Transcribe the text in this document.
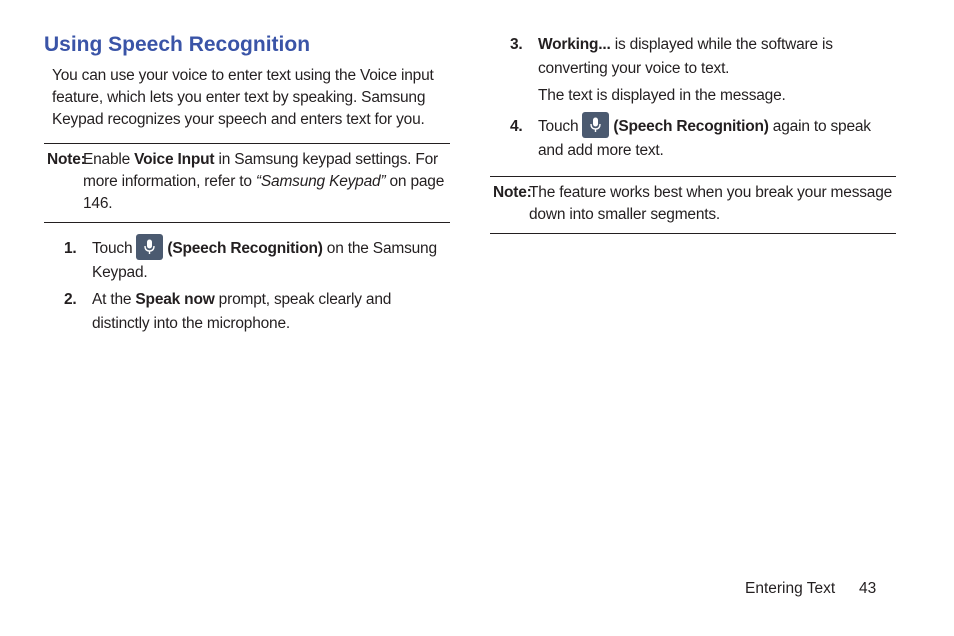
Using Speech Recognition
You can use your voice to enter text using the Voice input feature, which lets you enter text by speaking. Samsung Keypad recognizes your speech and enters text for you.
Note:
Enable Voice Input in Samsung keypad settings. For more information, refer to “Samsung Keypad” on page 146.
1. Touch (Speech Recognition) on the Samsung Keypad.
2. At the Speak now prompt, speak clearly and distinctly into the microphone.
3. Working... is displayed while the software is converting your voice to text.
The text is displayed in the message.
4. Touch (Speech Recognition) again to speak and add more text.
Note:
The feature works best when you break your message down into smaller segments.
Entering Text 43
